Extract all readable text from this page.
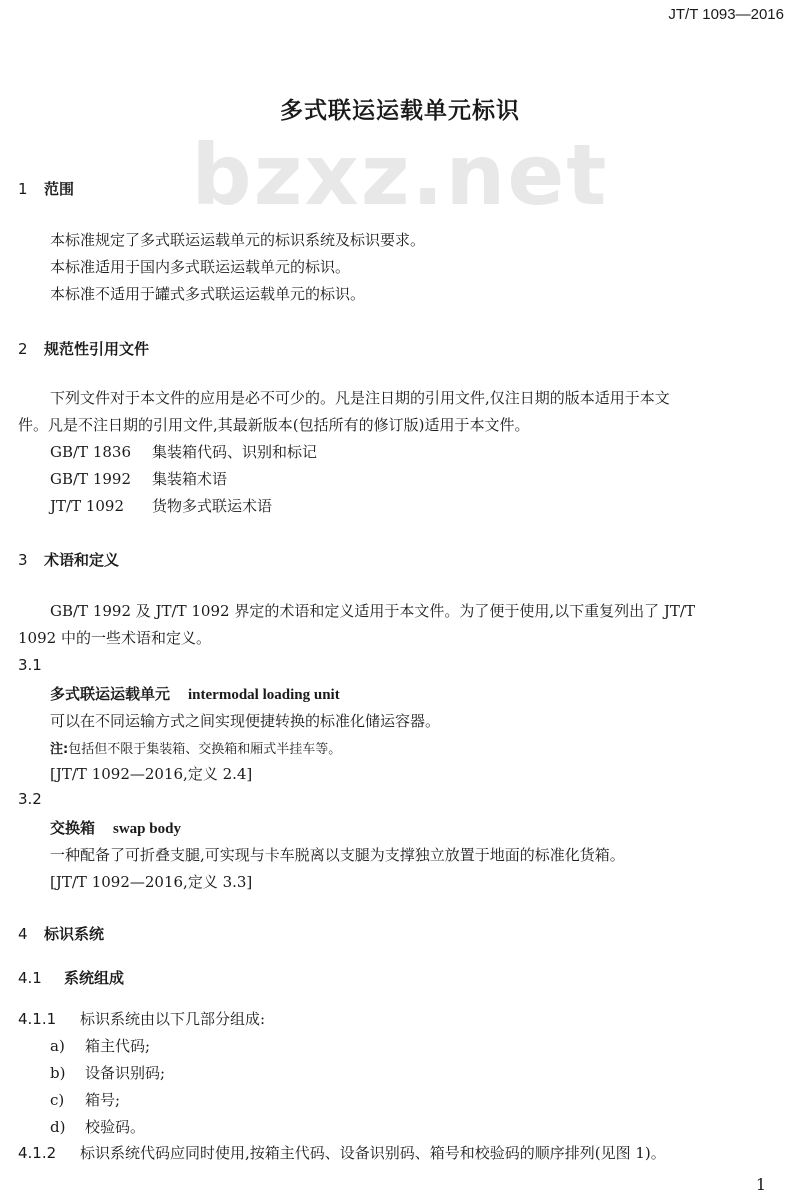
JT/T 1093—2016
多式联运运载单元标识
bzxz.net
1 范围
本标准规定了多式联运运载单元的标识系统及标识要求。
本标准适用于国内多式联运运载单元的标识。
本标准不适用于罐式多式联运运载单元的标识。
2 规范性引用文件
下列文件对于本文件的应用是必不可少的。凡是注日期的引用文件,仅注日期的版本适用于本文
件。凡是不注日期的引用文件,其最新版本(包括所有的修订版)适用于本文件。
GB/T 1836 集装箱代码、识别和标记
GB/T 1992 集装箱术语
JT/T 1092 货物多式联运术语
3 术语和定义
GB/T 1992 及 JT/T 1092 界定的术语和定义适用于本文件。为了便于使用,以下重复列出了 JT/T
1092 中的一些术语和定义。
3.1
多式联运运载单元 intermodal loading unit
可以在不同运输方式之间实现便捷转换的标准化储运容器。
注:包括但不限于集装箱、交换箱和厢式半挂车等。
[JT/T 1092—2016,定义 2.4]
3.2
交换箱 swap body
一种配备了可折叠支腿,可实现与卡车脱离以支腿为支撑独立放置于地面的标准化货箱。
[JT/T 1092—2016,定义 3.3]
4 标识系统
4.1 系统组成
4.1.1 标识系统由以下几部分组成:
a) 箱主代码;
b) 设备识别码;
c) 箱号;
d) 校验码。
4.1.2 标识系统代码应同时使用,按箱主代码、设备识别码、箱号和校验码的顺序排列(见图 1)。
1
